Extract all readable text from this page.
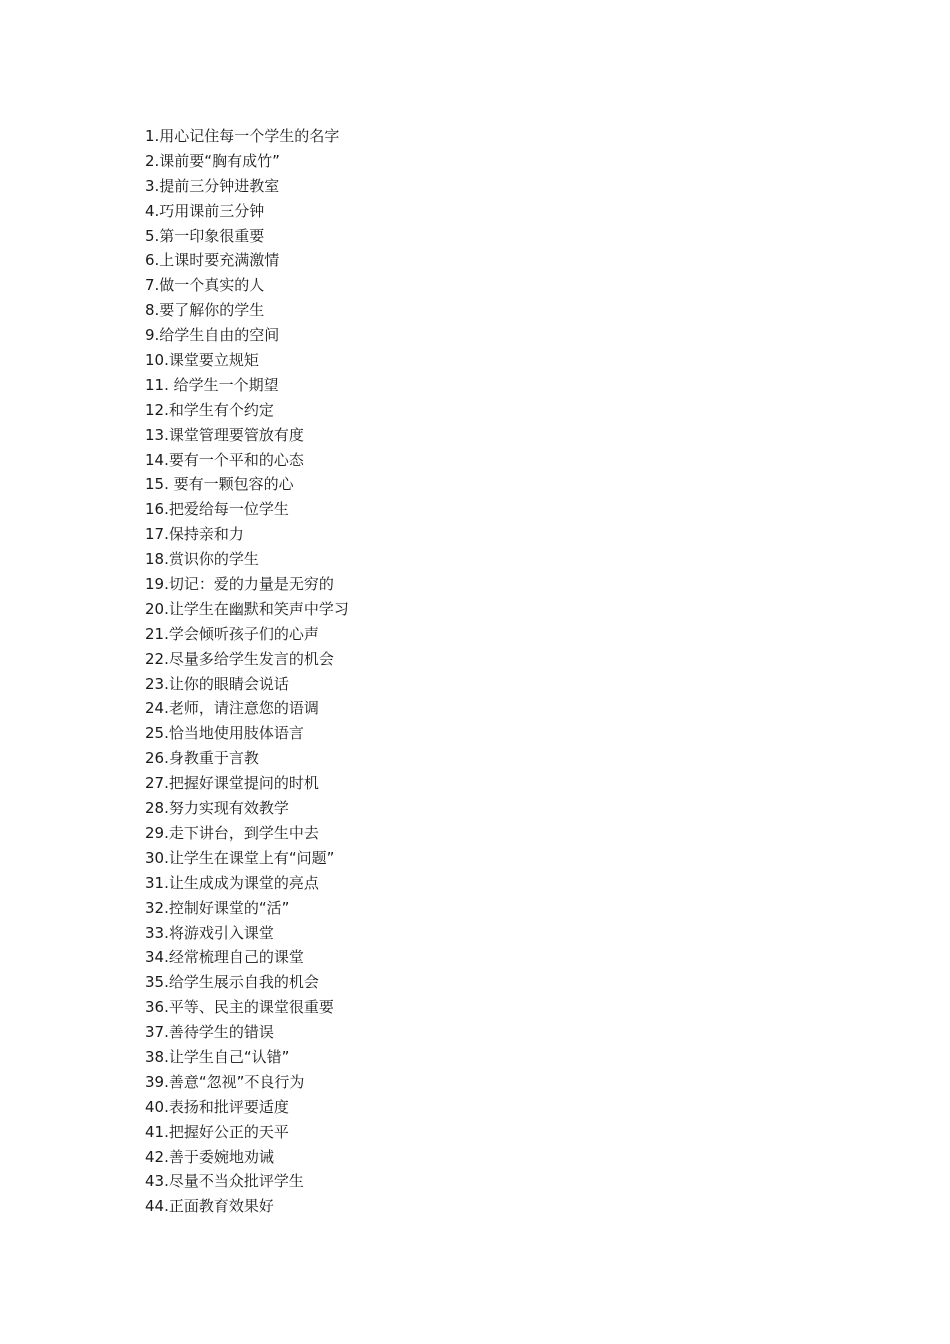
1.用心记住每一个学生的名字
2.课前要“胸有成竹”
3.提前三分钟进教室
4.巧用课前三分钟
5.第一印象很重要
6.上课时要充满激情
7.做一个真实的人
8.要了解你的学生
9.给学生自由的空间
10.课堂要立规矩
11. 给学生一个期望
12.和学生有个约定
13.课堂管理要管放有度
14.要有一个平和的心态
15. 要有一颗包容的心
16.把爱给每一位学生
17.保持亲和力
18.赏识你的学生
19.切记：爱的力量是无穷的
20.让学生在幽默和笑声中学习
21.学会倾听孩子们的心声
22.尽量多给学生发言的机会
23.让你的眼睛会说话
24.老师，请注意您的语调
25.恰当地使用肢体语言
26.身教重于言教
27.把握好课堂提问的时机
28.努力实现有效教学
29.走下讲台，到学生中去
30.让学生在课堂上有“问题”
31.让生成成为课堂的亮点
32.控制好课堂的“活”
33.将游戏引入课堂
34.经常梳理自己的课堂
35.给学生展示自我的机会
36.平等、民主的课堂很重要
37.善待学生的错误
38.让学生自己“认错”
39.善意“忽视”不良行为
40.表扬和批评要适度
41.把握好公正的天平
42.善于委婉地劝诫
43.尽量不当众批评学生
44.正面教育效果好
